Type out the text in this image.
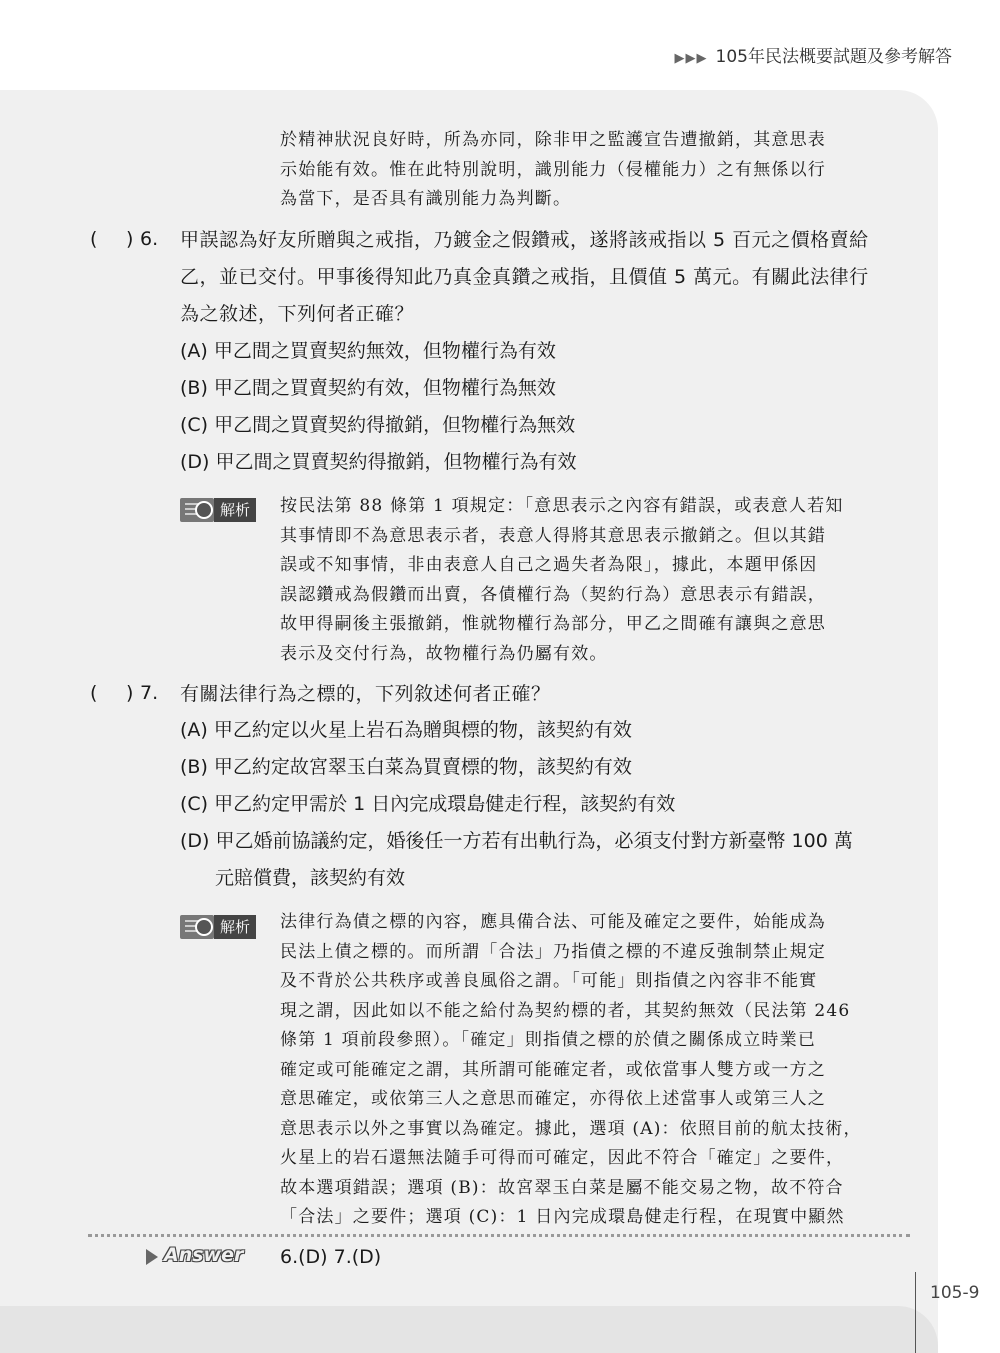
▶▶▶ 105年民法概要試題及參考解答
於精神狀況良好時，所為亦同，除非甲之監護宣告遭撤銷，其意思表
示始能有效。惟在此特別說明，識別能力（侵權能力）之有無係以行
為當下，是否具有識別能力為判斷。
( ) 6. 甲誤認為好友所贈與之戒指，乃鍍金之假鑽戒，遂將該戒指以 5 百元之價格賣給
乙，並已交付。甲事後得知此乃真金真鑽之戒指，且價值 5 萬元。有關此法律行
為之敘述，下列何者正確？
(A) 甲乙間之買賣契約無效，但物權行為有效
(B) 甲乙間之買賣契約有效，但物權行為無效
(C) 甲乙間之買賣契約得撤銷，但物權行為無效
(D) 甲乙間之買賣契約得撤銷，但物權行為有效
解析	按民法第 88 條第 1 項規定：「意思表示之內容有錯誤，或表意人若知
其事情即不為意思表示者，表意人得將其意思表示撤銷之。但以其錯
誤或不知事情，非由表意人自己之過失者為限」，據此，本題甲係因
誤認鑽戒為假鑽而出賣，各債權行為（契約行為）意思表示有錯誤，
故甲得嗣後主張撤銷，惟就物權行為部分，甲乙之間確有讓與之意思
表示及交付行為，故物權行為仍屬有效。
( ) 7. 有關法律行為之標的，下列敘述何者正確？
(A) 甲乙約定以火星上岩石為贈與標的物，該契約有效
(B) 甲乙約定故宮翠玉白菜為買賣標的物，該契約有效
(C) 甲乙約定甲需於 1 日內完成環島健走行程，該契約有效
(D) 甲乙婚前協議約定，婚後任一方若有出軌行為，必須支付對方新臺幣 100 萬
元賠償費，該契約有效
解析	法律行為債之標的內容，應具備合法、可能及確定之要件，始能成為
民法上債之標的。而所謂「合法」乃指債之標的不違反強制禁止規定
及不背於公共秩序或善良風俗之謂。「可能」則指債之內容非不能實
現之謂，因此如以不能之給付為契約標的者，其契約無效（民法第 246
條第 1 項前段參照）。「確定」則指債之標的於債之關係成立時業已
確定或可能確定之謂，其所謂可能確定者，或依當事人雙方或一方之
意思確定，或依第三人之意思而確定，亦得依上述當事人或第三人之
意思表示以外之事實以為確定。據此，選項 (A)：依照目前的航太技術，
火星上的岩石還無法隨手可得而可確定，因此不符合「確定」之要件，
故本選項錯誤；選項 (B)：故宮翠玉白菜是屬不能交易之物，故不符合
「合法」之要件；選項 (C)：1 日內完成環島健走行程，在現實中顯然
Answer 6.(D) 7.(D)
105-9
